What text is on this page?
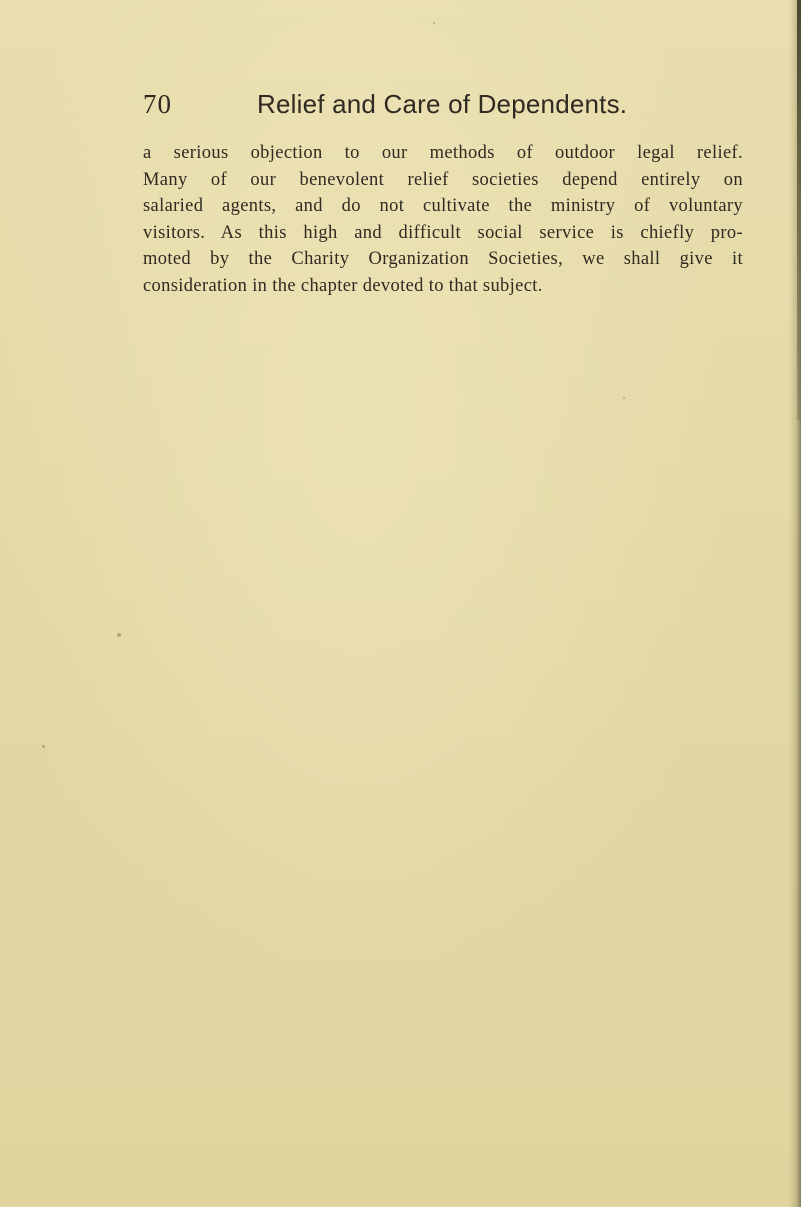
70	Relief and Care of Dependents.
a serious objection to our methods of outdoor legal relief.
Many of our benevolent relief societies depend entirely on
salaried agents, and do not cultivate the ministry of voluntary
visitors. As this high and difficult social service is chiefly pro-
moted by the Charity Organization Societies, we shall give it
consideration in the chapter devoted to that subject.
